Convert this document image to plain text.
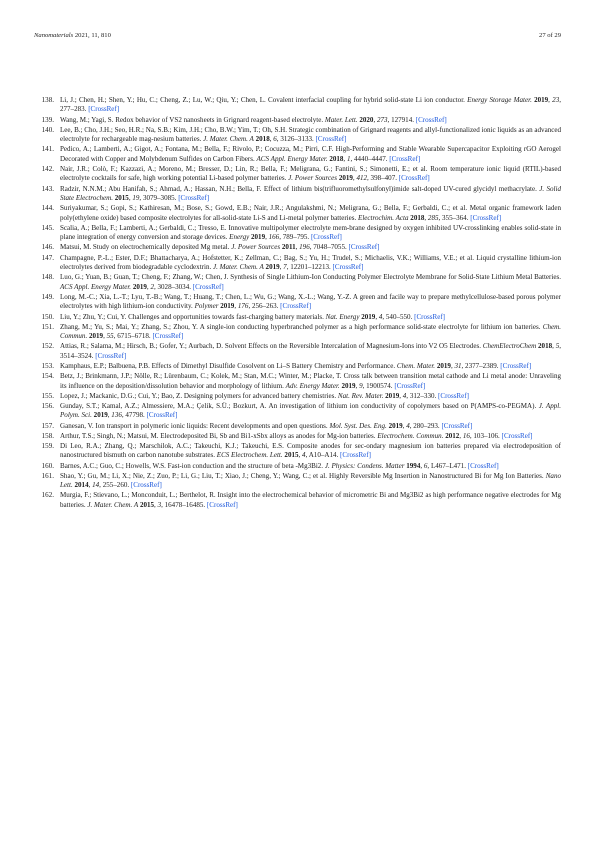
Nanomaterials 2021, 11, 810	27 of 29
138. Li, J.; Chen, H.; Shen, Y.; Hu, C.; Cheng, Z.; Lu, W.; Qiu, Y.; Chen, L. Covalent interfacial coupling for hybrid solid-state Li ion conductor. Energy Storage Mater. 2019, 23, 277–283. [CrossRef]
139. Wang, M.; Yagi, S. Redox behavior of VS2 nanosheets in Grignard reagent-based electrolyte. Mater. Lett. 2020, 273, 127914. [CrossRef]
140. Lee, B.; Cho, J.H.; Seo, H.R.; Na, S.B.; Kim, J.H.; Cho, B.W.; Yim, T.; Oh, S.H. Strategic combination of Grignard reagents and allyl-functionalized ionic liquids as an advanced electrolyte for rechargeable mag-nesium batteries. J. Mater. Chem. A 2018, 6, 3126–3133. [CrossRef]
141. Pedico, A.; Lamberti, A.; Gigot, A.; Fontana, M.; Bella, F.; Rivolo, P.; Cocuzza, M.; Pirri, C.F. High-Performing and Stable Wearable Supercapacitor Exploiting rGO Aerogel Decorated with Copper and Molybdenum Sulfides on Carbon Fibers. ACS Appl. Energy Mater. 2018, 1, 4440–4447. [CrossRef]
142. Nair, J.R.; Colò, F.; Kazzazi, A.; Moreno, M.; Bresser, D.; Lin, R.; Bella, F.; Meligrana, G.; Fantini, S.; Simonetti, E.; et al. Room temperature ionic liquid (RTIL)-based electrolyte cocktails for safe, high working potential Li-based polymer batteries. J. Power Sources 2019, 412, 398–407. [CrossRef]
143. Radzir, N.N.M.; Abu Hanifah, S.; Ahmad, A.; Hassan, N.H.; Bella, F. Effect of lithium bis(trifluoromethylsulfonyl)imide salt-doped UV-cured glycidyl methacrylate. J. Solid State Electrochem. 2015, 19, 3079–3085. [CrossRef]
144. Suriyakumar, S.; Gopi, S.; Kathiresan, M.; Bose, S.; Gowd, E.B.; Nair, J.R.; Angulakshmi, N.; Meligrana, G.; Bella, F.; Gerbaldi, C.; et al. Metal organic framework laden poly(ethylene oxide) based composite electrolytes for all-solid-state Li-S and Li-metal polymer batteries. Electrochim. Acta 2018, 285, 355–364. [CrossRef]
145. Scalia, A.; Bella, F.; Lamberti, A.; Gerbaldi, C.; Tresso, E. Innovative multipolymer electrolyte mem-brane designed by oxygen inhibited UV-crosslinking enables solid-state in plane integration of energy conversion and storage devices. Energy 2019, 166, 789–795. [CrossRef]
146. Matsui, M. Study on electrochemically deposited Mg metal. J. Power Sources 2011, 196, 7048–7055. [CrossRef]
147. Champagne, P.-L.; Ester, D.F.; Bhattacharya, A.; Hofstetter, K.; Zellman, C.; Bag, S.; Yu, H.; Trudel, S.; Michaelis, V.K.; Williams, V.E.; et al. Liquid crystalline lithium-ion electrolytes derived from biodegradable cyclodextrin. J. Mater. Chem. A 2019, 7, 12201–12213. [CrossRef]
148. Luo, G.; Yuan, B.; Guan, T.; Cheng, F.; Zhang, W.; Chen, J. Synthesis of Single Lithium-Ion Conducting Polymer Electrolyte Membrane for Solid-State Lithium Metal Batteries. ACS Appl. Energy Mater. 2019, 2, 3028–3034. [CrossRef]
149. Long, M.-C.; Xia, L.-T.; Lyu, T.-B.; Wang, T.; Huang, T.; Chen, L.; Wu, G.; Wang, X.-L.; Wang, Y.-Z. A green and facile way to prepare methylcellulose-based porous polymer electrolytes with high lithium-ion conductivity. Polymer 2019, 176, 256–263. [CrossRef]
150. Liu, Y.; Zhu, Y.; Cui, Y. Challenges and opportunities towards fast-charging battery materials. Nat. Energy 2019, 4, 540–550. [CrossRef]
151. Zhang, M.; Yu, S.; Mai, Y.; Zhang, S.; Zhou, Y. A single-ion conducting hyperbranched polymer as a high performance solid-state electrolyte for lithium ion batteries. Chem. Commun. 2019, 55, 6715–6718. [CrossRef]
152. Attias, R.; Salama, M.; Hirsch, B.; Gofer, Y.; Aurbach, D. Solvent Effects on the Reversible Intercalation of Magnesium-Ions into V2 O5 Electrodes. ChemElectroChem 2018, 5, 3514–3524. [CrossRef]
153. Kamphaus, E.P.; Balbuena, P.B. Effects of Dimethyl Disulfide Cosolvent on Li–S Battery Chemistry and Performance. Chem. Mater. 2019, 31, 2377–2389. [CrossRef]
154. Betz, J.; Brinkmann, J.P.; Nölle, R.; Lürenbaum, C.; Kolek, M.; Stan, M.C.; Winter, M.; Placke, T. Cross talk between transition metal cathode and Li metal anode: Unraveling its influence on the deposition/dissolution behavior and morphology of lithium. Adv. Energy Mater. 2019, 9, 1900574. [CrossRef]
155. Lopez, J.; Mackanic, D.G.; Cui, Y.; Bao, Z. Designing polymers for advanced battery chemistries. Nat. Rev. Mater. 2019, 4, 312–330. [CrossRef]
156. Gunday, S.T.; Kamal, A.Z.; Almessiere, M.A.; Çelik, S.Ü.; Bozkurt, A. An investigation of lithium ion conductivity of copolymers based on P(AMPS-co-PEGMA). J. Appl. Polym. Sci. 2019, 136, 47798. [CrossRef]
157. Ganesan, V. Ion transport in polymeric ionic liquids: Recent developments and open questions. Mol. Syst. Des. Eng. 2019, 4, 280–293. [CrossRef]
158. Arthur, T.S.; Singh, N.; Matsui, M. Electrodeposited Bi, Sb and Bi1-xSbx alloys as anodes for Mg-ion batteries. Electrochem. Commun. 2012, 16, 103–106. [CrossRef]
159. Di Leo, R.A.; Zhang, Q.; Marschilok, A.C.; Takeuchi, K.J.; Takeuchi, E.S. Composite anodes for sec-ondary magnesium ion batteries prepared via electrodeposition of nanostructured bismuth on carbon nanotube substrates. ECS Electrochem. Lett. 2015, 4, A10–A14. [CrossRef]
160. Barnes, A.C.; Guo, C.; Howells, W.S. Fast-ion conduction and the structure of beta -Mg3Bi2. J. Physics: Condens. Matter 1994, 6, L467–L471. [CrossRef]
161. Shao, Y.; Gu, M.; Li, X.; Nie, Z.; Zuo, P.; Li, G.; Liu, T.; Xiao, J.; Cheng, Y.; Wang, C.; et al. Highly Reversible Mg Insertion in Nanostructured Bi for Mg Ion Batteries. Nano Lett. 2014, 14, 255–260. [CrossRef]
162. Murgia, F.; Stievano, L.; Monconduit, L.; Berthelot, R. Insight into the electrochemical behavior of micrometric Bi and Mg3Bi2 as high performance negative electrodes for Mg batteries. J. Mater. Chem. A 2015, 3, 16478–16485. [CrossRef]
